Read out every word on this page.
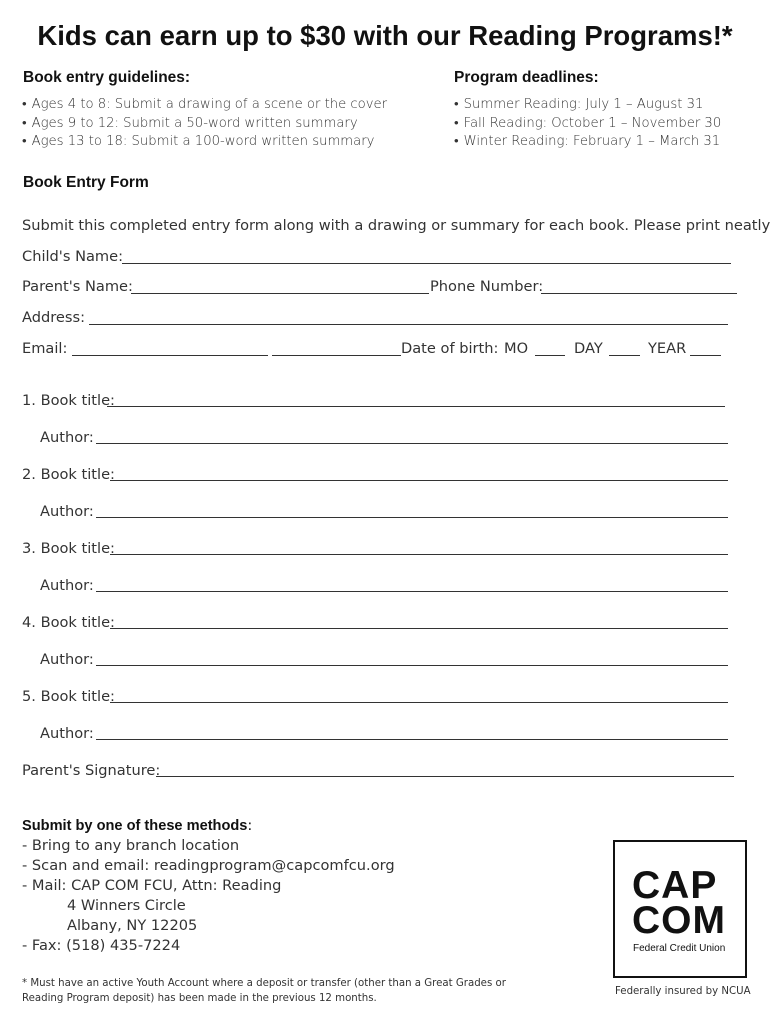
Kids can earn up to $30 with our Reading Programs!*
Book entry guidelines:
• Ages 4 to 8: Submit a drawing of a scene or the cover
• Ages 9 to 12: Submit a 50-word written summary
• Ages 13 to 18: Submit a 100-word written summary
Program deadlines:
• Summer Reading: July 1 – August 31
• Fall Reading: October 1 – November 30
• Winter Reading: February 1 – March 31
Book Entry Form
Submit this completed entry form along with a drawing or summary for each book. Please print neatly
Child's Name:
Parent's Name:	Phone Number:
Address:
Email:	Date of birth: MO	DAY	YEAR
1. Book title:
Author:
2. Book title:
Author:
3. Book title:
Author:
4. Book title:
Author:
5. Book title:
Author:
Parent's Signature:
Submit by one of these methods:
- Bring to any branch location
- Scan and email: readingprogram@capcomfcu.org
- Mail: CAP COM FCU, Attn: Reading
4 Winners Circle
Albany, NY 12205
- Fax: (518) 435-7224
* Must have an active Youth Account where a deposit or transfer (other than a Great Grades or Reading Program deposit) has been made in the previous 12 months.
CAP
COM
Federal Credit Union
Federally insured by NCUA
